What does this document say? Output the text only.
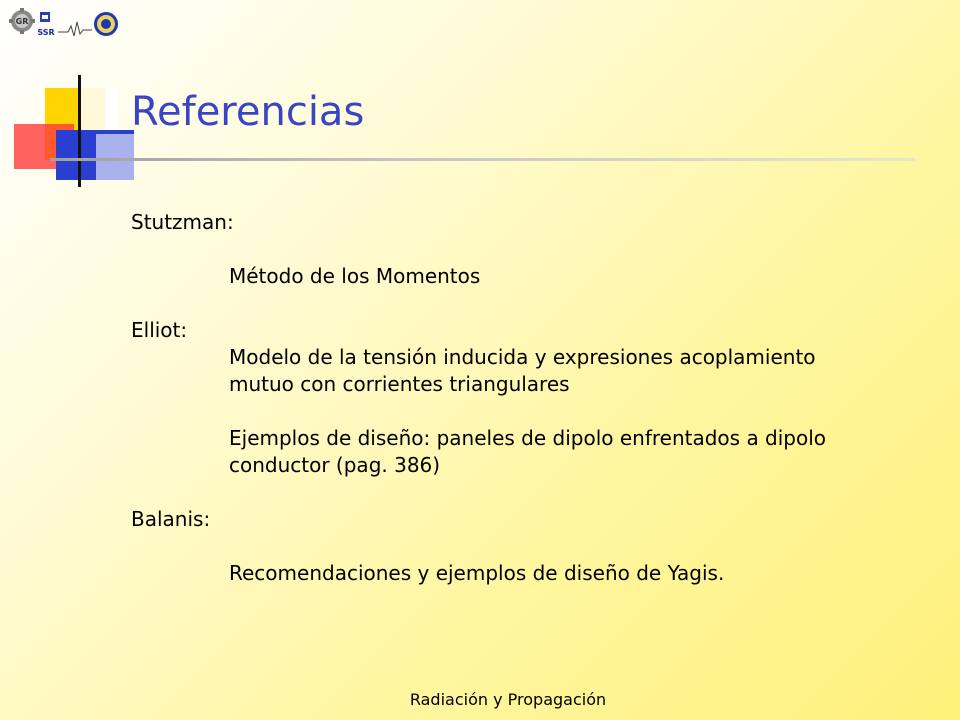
GR
SSR
Referencias
Stutzman:
Método de los Momentos
Elliot:
Modelo de la tensión inducida y expresiones acoplamiento
mutuo con corrientes triangulares
Ejemplos de diseño: paneles de dipolo enfrentados a dipolo
conductor (pag. 386)
Balanis:
Recomendaciones y ejemplos de diseño de Yagis.
Radiación y Propagación
